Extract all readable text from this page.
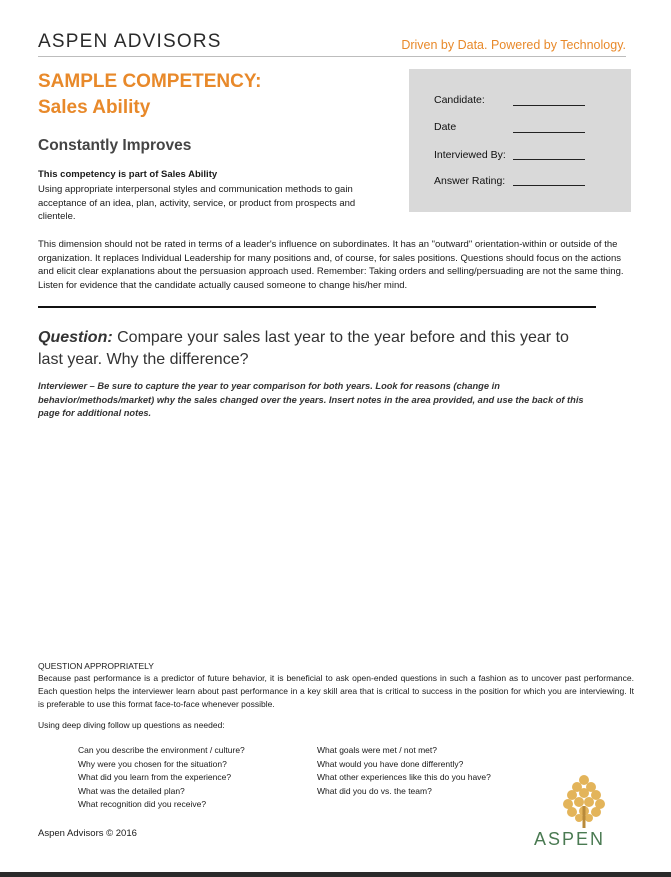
ASPEN ADVISORS	Driven by Data. Powered by Technology.
SAMPLE COMPETENCY:
Sales Ability
Constantly Improves
Candidate:
Date
Interviewed By:
Answer Rating:
This competency is part of Sales Ability
Using appropriate interpersonal styles and communication methods to gain acceptance of an idea, plan, activity, service, or product from prospects and clientele.
This dimension should not be rated in terms of a leader's influence on subordinates. It has an "outward" orientation-within or outside of the organization. It replaces Individual Leadership for many positions and, of course, for sales positions. Questions should focus on the actions and elicit clear explanations about the persuasion approach used. Remember: Taking orders and selling/persuading are not the same thing. Listen for evidence that the candidate actually caused someone to change his/her mind.
Question: Compare your sales last year to the year before and this year to last year. Why the difference?
Interviewer – Be sure to capture the year to year comparison for both years. Look for reasons (change in behavior/methods/market) why the sales changed over the years. Insert notes in the area provided, and use the back of this page for additional notes.
QUESTION APPROPRIATELY
Because past performance is a predictor of future behavior, it is beneficial to ask open-ended questions in such a fashion as to uncover past performance. Each question helps the interviewer learn about past performance in a key skill area that is critical to success in the position for which you are interviewing. It is preferable to use this format face-to-face whenever possible.
Using deep diving follow up questions as needed:
Can you describe the environment / culture?
Why were you chosen for the situation?
What did you learn from the experience?
What was the detailed plan?
What recognition did you receive?
What goals were met / not met?
What would you have done differently?
What other experiences like this do you have?
What did you do vs. the team?
Aspen Advisors © 2016	ASPEN
